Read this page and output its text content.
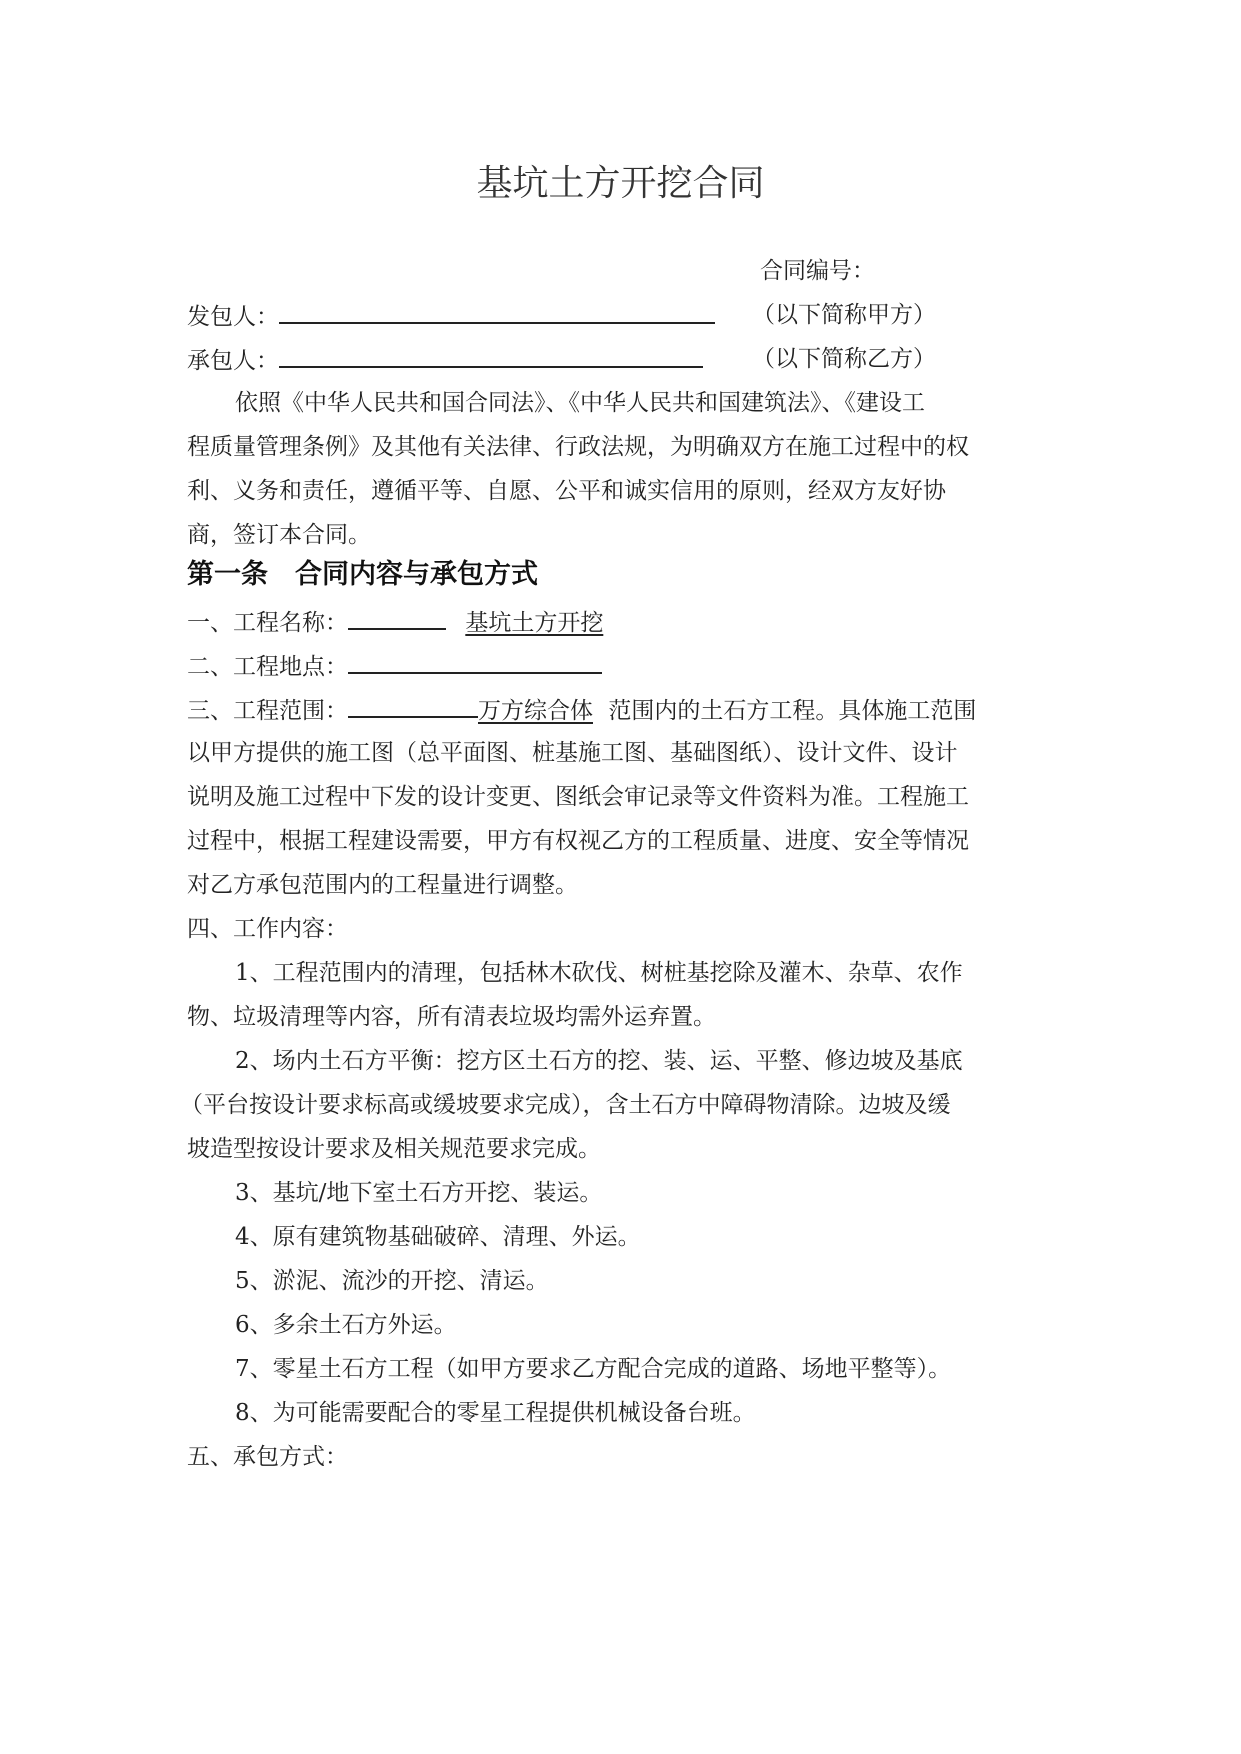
基坑土方开挖合同
合同编号：
发包人：	（以下简称甲方）
承包人：	（以下简称乙方）
依照《中华人民共和国合同法》、《中华人民共和国建筑法》、《建设工
程质量管理条例》及其他有关法律、行政法规，为明确双方在施工过程中的权
利、义务和责任，遵循平等、自愿、公平和诚实信用的原则，经双方友好协
商，签订本合同。
第一条　合同内容与承包方式
一、工程名称：	基坑土方开挖
二、工程地点：
三、工程范围：	万方综合体 范围内的土石方工程。具体施工范围
以甲方提供的施工图（总平面图、桩基施工图、基础图纸）、设计文件、设计
说明及施工过程中下发的设计变更、图纸会审记录等文件资料为准。工程施工
过程中，根据工程建设需要，甲方有权视乙方的工程质量、进度、安全等情况
对乙方承包范围内的工程量进行调整。
四、工作内容：
1、工程范围内的清理，包括林木砍伐、树桩基挖除及灌木、杂草、农作
物、垃圾清理等内容，所有清表垃圾均需外运弃置。
2、场内土石方平衡：挖方区土石方的挖、装、运、平整、修边坡及基底
（平台按设计要求标高或缓坡要求完成），含土石方中障碍物清除。边坡及缓
坡造型按设计要求及相关规范要求完成。
3、基坑/地下室土石方开挖、装运。
4、原有建筑物基础破碎、清理、外运。
5、淤泥、流沙的开挖、清运。
6、多余土石方外运。
7、零星土石方工程（如甲方要求乙方配合完成的道路、场地平整等）。
8、为可能需要配合的零星工程提供机械设备台班。
五、承包方式：
